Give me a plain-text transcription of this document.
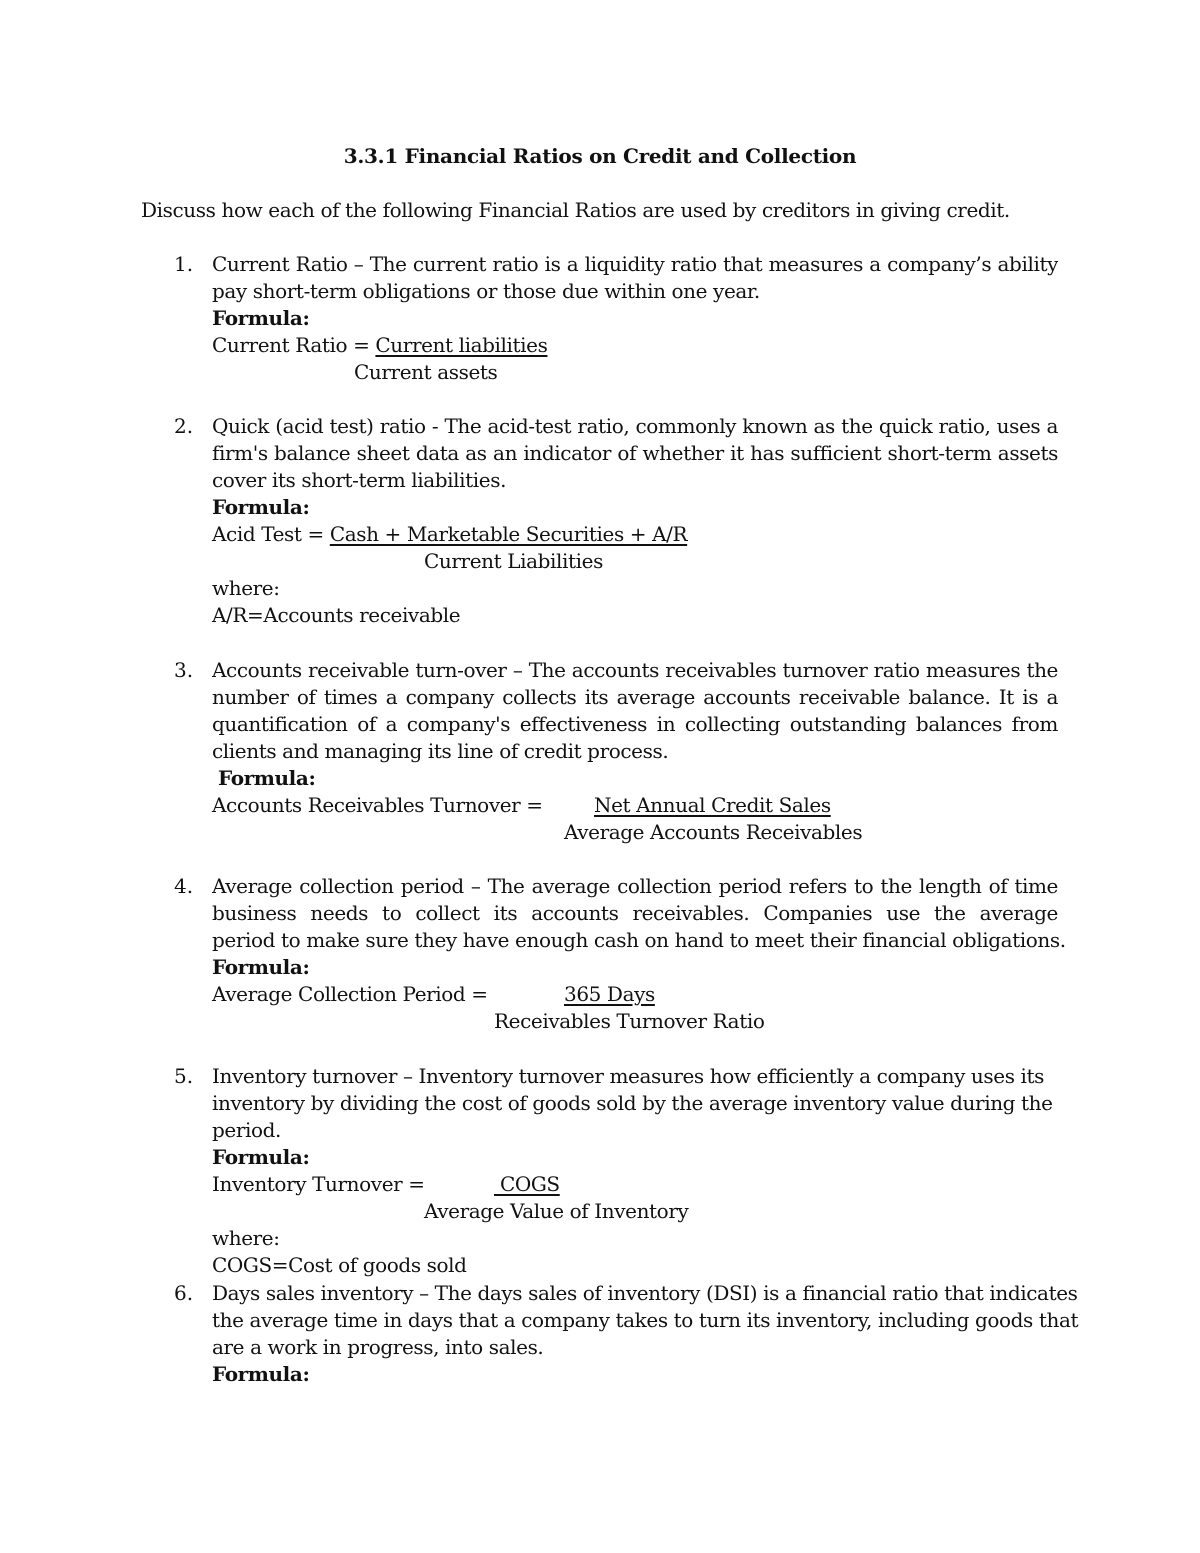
3.3.1 Financial Ratios on Credit and Collection
Discuss how each of the following Financial Ratios are used by creditors in giving credit.
1. Current Ratio – The current ratio is a liquidity ratio that measures a company’s ability
pay short-term obligations or those due within one year.
Formula:
Current Ratio = Current liabilities
Current assets
2. Quick (acid test) ratio - The acid-test ratio, commonly known as the quick ratio, uses a
firm's balance sheet data as an indicator of whether it has sufficient short-term assets
cover its short-term liabilities.
Formula:
Acid Test = Cash + Marketable Securities + A/R
Current Liabilities
where:
A/R=Accounts receivable
3. Accounts receivable turn-over – The accounts receivables turnover ratio measures the
number of times a company collects its average accounts receivable balance. It is a
quantification of a company's effectiveness in collecting outstanding balances from
clients and managing its line of credit process.
Formula:
Accounts Receivables Turnover =	Net Annual Credit Sales
Average Accounts Receivables
4. Average collection period – The average collection period refers to the length of time
business needs to collect its accounts receivables. Companies use the average
period to make sure they have enough cash on hand to meet their financial obligations.
Formula:
Average Collection Period =	365 Days
Receivables Turnover Ratio
5. Inventory turnover – Inventory turnover measures how efficiently a company uses its
inventory by dividing the cost of goods sold by the average inventory value during the
period.
Formula:
Inventory Turnover =	COGS
Average Value of Inventory
where:
COGS=Cost of goods sold
6. Days sales inventory – The days sales of inventory (DSI) is a financial ratio that indicates
the average time in days that a company takes to turn its inventory, including goods that
are a work in progress, into sales.
Formula:
